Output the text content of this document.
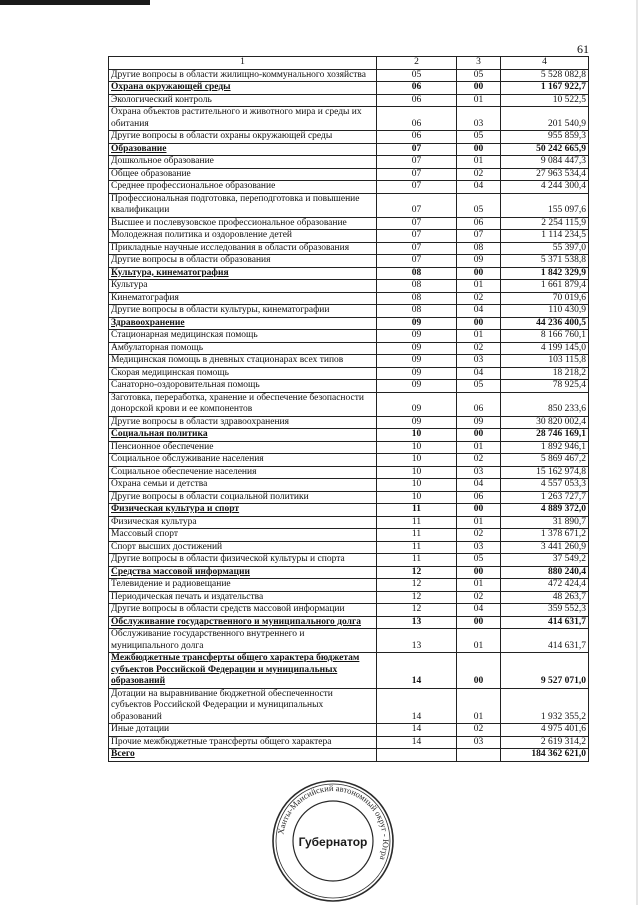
61
1	2	3	4
Другие вопросы в области жилищно-коммунального хозяйства	05	05	5 528 082,8
Охрана окружающей среды	06	00	1 167 922,7
Экологический контроль	06	01	10 522,5
Охрана объектов растительного и животного мира и среды их обитания	06	03	201 540,9
Другие вопросы в области охраны окружающей среды	06	05	955 859,3
Образование	07	00	50 242 665,9
Дошкольное образование	07	01	9 084 447,3
Общее образование	07	02	27 963 534,4
Среднее профессиональное образование	07	04	4 244 300,4
Профессиональная подготовка, переподготовка и повышение квалификации	07	05	155 097,6
Высшее и послевузовское профессиональное образование	07	06	2 254 115,9
Молодежная политика и оздоровление детей	07	07	1 114 234,5
Прикладные научные исследования в области образования	07	08	55 397,0
Другие вопросы в области образования	07	09	5 371 538,8
Культура, кинематография	08	00	1 842 329,9
Культура	08	01	1 661 879,4
Кинематография	08	02	70 019,6
Другие вопросы в области культуры, кинематографии	08	04	110 430,9
Здравоохранение	09	00	44 236 400,5
Стационарная медицинская помощь	09	01	8 166 760,1
Амбулаторная помощь	09	02	4 199 145,0
Медицинская помощь в дневных стационарах всех типов	09	03	103 115,8
Скорая медицинская помощь	09	04	18 218,2
Санаторно-оздоровительная помощь	09	05	78 925,4
Заготовка, переработка, хранение и обеспечение безопасности донорской крови и ее компонентов	09	06	850 233,6
Другие вопросы в области здравоохранения	09	09	30 820 002,4
Социальная политика	10	00	28 746 169,1
Пенсионное обеспечение	10	01	1 892 946,1
Социальное обслуживание населения	10	02	5 869 467,2
Социальное обеспечение населения	10	03	15 162 974,8
Охрана семьи и детства	10	04	4 557 053,3
Другие вопросы в области социальной политики	10	06	1 263 727,7
Физическая культура и спорт	11	00	4 889 372,0
Физическая культура	11	01	31 890,7
Массовый спорт	11	02	1 378 671,2
Спорт высших достижений	11	03	3 441 260,9
Другие вопросы в области физической культуры и спорта	11	05	37 549,2
Средства массовой информации	12	00	880 240,4
Телевидение и радиовещание	12	01	472 424,4
Периодическая печать и издательства	12	02	48 263,7
Другие вопросы в области средств массовой информации	12	04	359 552,3
Обслуживание государственного и муниципального долга	13	00	414 631,7
Обслуживание государственного внутреннего и муниципального долга	13	01	414 631,7
Межбюджетные трансферты общего характера бюджетам субъектов Российской Федерации и муниципальных образований	14	00	9 527 071,0
Дотации на выравнивание бюджетной обеспеченности субъектов Российской Федерации и муниципальных образований	14	01	1 932 355,2
Иные дотации	14	02	4 975 401,6
Прочие межбюджетные трансферты общего характера	14	03	2 619 314,2
Всего			184 362 621,0
Ханты-Мансийский автономный округ - Югра
Губернатор
